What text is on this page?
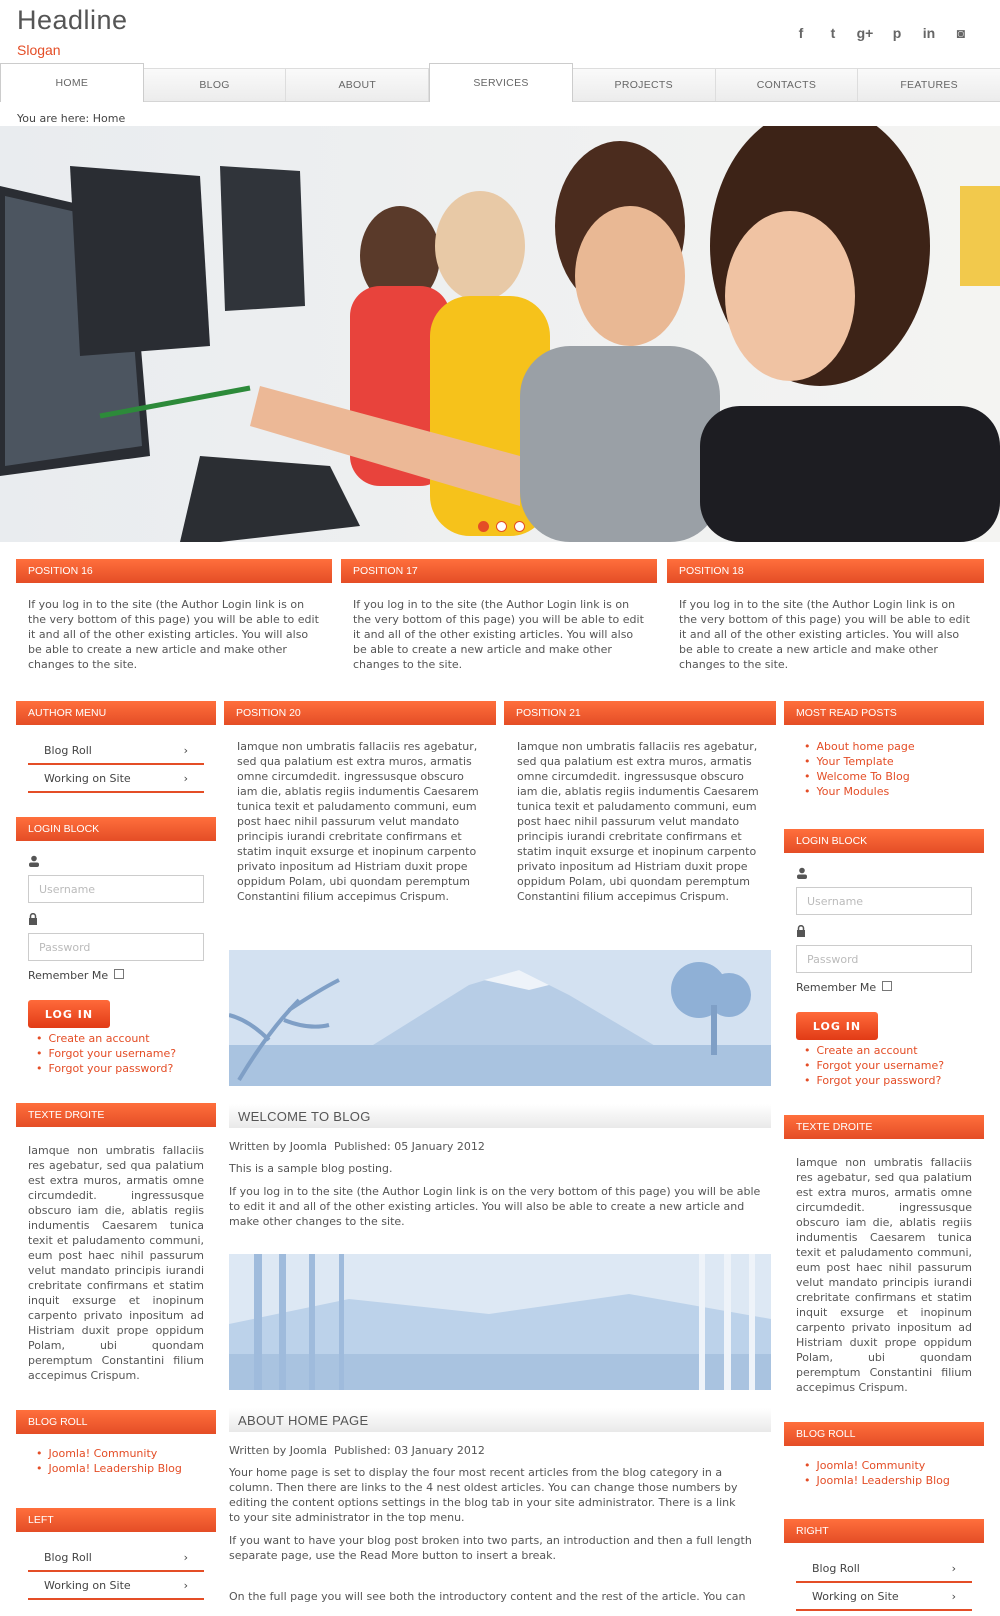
Headline
Slogan
f	t	g+	p	in	◙
HOME	BLOG	ABOUT	SERVICES	PROJECTS	CONTACTS	FEATURES
You are here: Home
POSITION 16

If you log in to the site (the Author Login link is on the very bottom of this page) you will be able to edit it and all of the other existing articles. You will also be able to create a new article and make other changes to the site.

POSITION 17

If you log in to the site (the Author Login link is on the very bottom of this page) you will be able to edit it and all of the other existing articles. You will also be able to create a new article and make other changes to the site.

POSITION 18

If you log in to the site (the Author Login link is on the very bottom of this page) you will be able to edit it and all of the other existing articles. You will also be able to create a new article and make other changes to the site.

AUTHOR MENU
Blog Roll	›
Working on Site	›
LOGIN BLOCK
Username
Password
Remember Me
LOG IN
• Create an account
• Forgot your username?
• Forgot your password?
TEXTE DROITE

Iamque non umbratis fallaciis res agebatur, sed qua palatium est extra muros, armatis omne circumdedit. ingressusque obscuro iam die, ablatis regiis indumentis Caesarem tunica texit et paludamento communi, eum post haec nihil passurum velut mandato principis iurandi crebritate confirmans et statim inquit exsurge et inopinum carpento privato inpositum ad Histriam duxit prope oppidum Polam, ubi quondam peremptum Constantini filium accepimus Crispum.

BLOG ROLL
• Joomla! Community
• Joomla! Leadership Blog
LEFT
Blog Roll	›
Working on Site	›
POSITION 20

Iamque non umbratis fallaciis res agebatur, sed qua palatium est extra muros, armatis omne circumdedit. ingressusque obscuro iam die, ablatis regiis indumentis Caesarem tunica texit et paludamento communi, eum post haec nihil passurum velut mandato principis iurandi crebritate confirmans et statim inquit exsurge et inopinum carpento privato inpositum ad Histriam duxit prope oppidum Polam, ubi quondam peremptum Constantini filium accepimus Crispum.

POSITION 21

Iamque non umbratis fallaciis res agebatur, sed qua palatium est extra muros, armatis omne circumdedit. ingressusque obscuro iam die, ablatis regiis indumentis Caesarem tunica texit et paludamento communi, eum post haec nihil passurum velut mandato principis iurandi crebritate confirmans et statim inquit exsurge et inopinum carpento privato inpositum ad Histriam duxit prope oppidum Polam, ubi quondam peremptum Constantini filium accepimus Crispum.

WELCOME TO BLOG
Written by Joomla Published: 05 January 2012

This is a sample blog posting.

If you log in to the site (the Author Login link is on the very bottom of this page) you will be able to edit it and all of the other existing articles. You will also be able to create a new article and make other changes to the site.

ABOUT HOME PAGE
Written by Joomla Published: 03 January 2012

Your home page is set to display the four most recent articles from the blog category in a column. Then there are links to the 4 nest oldest articles. You can change those numbers by editing the content options settings in the blog tab in your site administrator. There is a link to your site administrator in the top menu.

If you want to have your blog post broken into two parts, an introduction and then a full length separate page, use the Read More button to insert a break.

On the full page you will see both the introductory content and the rest of the article. You can

MOST READ POSTS
• About home page
• Your Template
• Welcome To Blog
• Your Modules
LOGIN BLOCK
Username
Password
Remember Me
LOG IN
• Create an account
• Forgot your username?
• Forgot your password?
TEXTE DROITE

Iamque non umbratis fallaciis res agebatur, sed qua palatium est extra muros, armatis omne circumdedit. ingressusque obscuro iam die, ablatis regiis indumentis Caesarem tunica texit et paludamento communi, eum post haec nihil passurum velut mandato principis iurandi crebritate confirmans et statim inquit exsurge et inopinum carpento privato inpositum ad Histriam duxit prope oppidum Polam, ubi quondam peremptum Constantini filium accepimus Crispum.

BLOG ROLL
• Joomla! Community
• Joomla! Leadership Blog
RIGHT
Blog Roll	›
Working on Site	›
